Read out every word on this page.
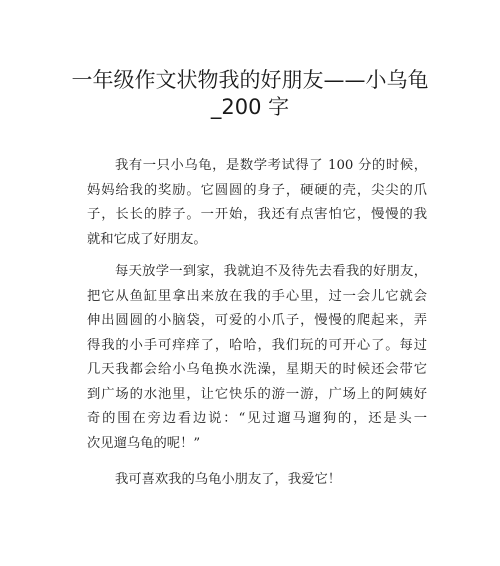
一年级作文状物我的好朋友——小乌龟
_200 字
我有一只小乌龟，是数学考试得了 100 分的时候，
妈妈给我的奖励。它圆圆的身子，硬硬的壳，尖尖的爪
子，长长的脖子。一开始，我还有点害怕它，慢慢的我
就和它成了好朋友。
每天放学一到家，我就迫不及待先去看我的好朋友，
把它从鱼缸里拿出来放在我的手心里，过一会儿它就会
伸出圆圆的小脑袋，可爱的小爪子，慢慢的爬起来，弄
得我的小手可痒痒了，哈哈，我们玩的可开心了。每过
几天我都会给小乌龟换水洗澡，星期天的时候还会带它
到广场的水池里，让它快乐的游一游，广场上的阿姨好
奇的围在旁边看边说：“见过遛马遛狗的，还是头一
次见遛乌龟的呢！”
我可喜欢我的乌龟小朋友了，我爱它！
